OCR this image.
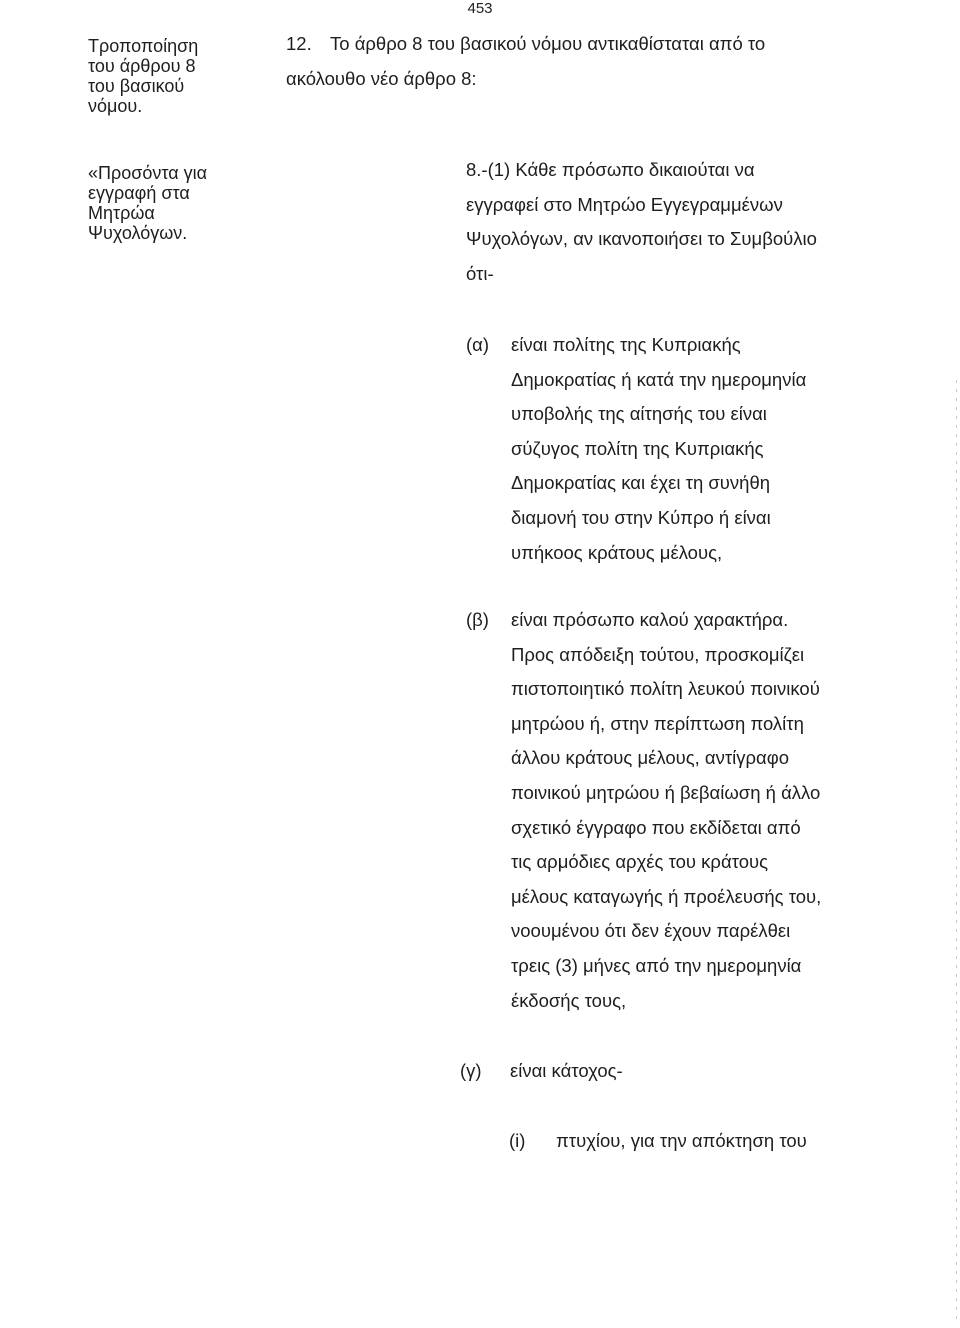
453
Τροποποίηση
του άρθρου 8
του βασικού
νόμου.
«Προσόντα για
εγγραφή στα
Μητρώα
Ψυχολόγων.
12. Το άρθρο 8 του βασικού νόμου αντικαθίσταται από το
ακόλουθο νέο άρθρο 8:
8.-(1) Κάθε πρόσωπο δικαιούται να
εγγραφεί στο Μητρώο Εγγεγραμμένων
Ψυχολόγων, αν ικανοποιήσει το Συμβούλιο
ότι-
(α) είναι πολίτης της Κυπριακής
Δημοκρατίας ή κατά την ημερομηνία
υποβολής της αίτησής του είναι
σύζυγος πολίτη της Κυπριακής
Δημοκρατίας και έχει τη συνήθη
διαμονή του στην Κύπρο ή είναι
υπήκοος κράτους μέλους,
(β) είναι πρόσωπο καλού χαρακτήρα.
Προς απόδειξη τούτου, προσκομίζει
πιστοποιητικό πολίτη λευκού ποινικού
μητρώου ή, στην περίπτωση πολίτη
άλλου κράτους μέλους, αντίγραφο
ποινικού μητρώου ή βεβαίωση ή άλλο
σχετικό έγγραφο που εκδίδεται από
τις αρμόδιες αρχές του κράτους
μέλους καταγωγής ή προέλευσής του,
νοουμένου ότι δεν έχουν παρέλθει
τρεις (3) μήνες από την ημερομηνία
έκδοσής τους,
(γ) είναι κάτοχος-
(i) πτυχίου, για την απόκτηση του
